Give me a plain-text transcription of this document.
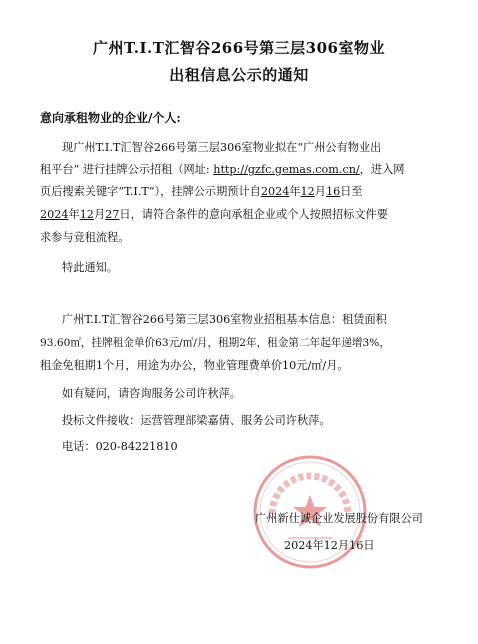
广州T.I.T汇智谷266号第三层306室物业
出租信息公示的通知
意向承租物业的企业/个人:
现广州T.I.T汇智谷266号第三层306室物业拟在“广州公有物业出
租平台” 进行挂牌公示招租（网址: http://gzfc.gemas.com.cn/，进入网
页后搜索关键字“T.I.T”），挂牌公示期预计自2024年12月16日至
2024年12月27日，请符合条件的意向承租企业或个人按照招标文件要
求参与竞租流程。
特此通知。
广州T.I.T汇智谷266号第三层306室物业招租基本信息：租赁面积
93.60㎡，挂牌租金单价63元/㎡/月，租期2年，租金第二年起年递增3%，
租金免租期1个月，用途为办公，物业管理费单价10元/㎡/月。
如有疑问，请咨询服务公司许秋萍。
投标文件接收：运营管理部梁嘉倩、服务公司许秋萍。
电话：020-84221810
广州新仕诚企业发展股份有限公司
2024年12月16日
